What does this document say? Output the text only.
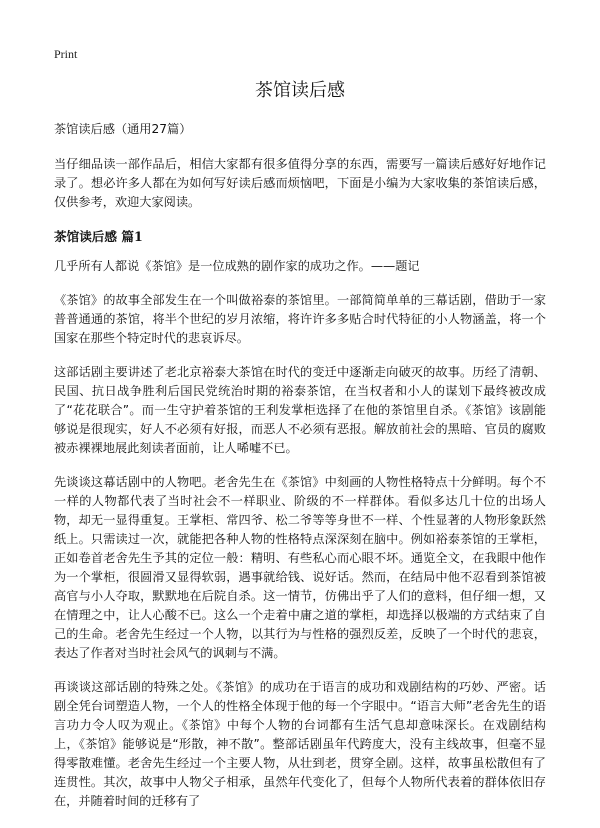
Print
茶馆读后感

茶馆读后感（通用27篇）

当仔细品读一部作品后，相信大家都有很多值得分享的东西，需要写一篇读后感好好地作记录了。想必许多人都在为如何写好读后感而烦恼吧，下面是小编为大家收集的茶馆读后感，仅供参考，欢迎大家阅读。

茶馆读后感 篇1

几乎所有人都说《茶馆》是一位成熟的剧作家的成功之作。——题记

《茶馆》的故事全部发生在一个叫做裕泰的茶馆里。一部简简单单的三幕话剧，借助于一家普普通通的茶馆，将半个世纪的岁月浓缩，将许许多多贴合时代特征的小人物涵盖，将一个国家在那些个特定时代的悲哀诉尽。

这部话剧主要讲述了老北京裕泰大茶馆在时代的变迁中逐渐走向破灭的故事。历经了清朝、民国、抗日战争胜利后国民党统治时期的裕泰茶馆，在当权者和小人的谋划下最终被改成了“花花联合”。而一生守护着茶馆的王利发掌柜选择了在他的茶馆里自杀。《茶馆》该剧能够说是很现实，好人不必须有好报，而恶人不必须有恶报。解放前社会的黑暗、官员的腐败被赤裸裸地展此刻读者面前，让人唏嘘不已。

先谈谈这幕话剧中的人物吧。老舍先生在《茶馆》中刻画的人物性格特点十分鲜明。每个不一样的人物都代表了当时社会不一样职业、阶级的不一样群体。看似多达几十位的出场人物，却无一显得重复。王掌柜、常四爷、松二爷等等身世不一样、个性显著的人物形象跃然纸上。只需读过一次，就能把各种人物的性格特点深深刻在脑中。例如裕泰茶馆的王掌柜，正如卷首老舍先生予其的定位一般：精明、有些私心而心眼不坏。通览全文，在我眼中他作为一个掌柜，很圆滑又显得软弱，遇事就给钱、说好话。然而，在结局中他不忍看到茶馆被高官与小人夺取，默默地在后院自杀。这一情节，仿佛出乎了人们的意料，但仔细一想，又在情理之中，让人心酸不已。这么一个走着中庸之道的掌柜，却选择以极端的方式结束了自己的生命。老舍先生经过一个人物，以其行为与性格的强烈反差，反映了一个时代的悲哀，表达了作者对当时社会风气的讽刺与不满。

再谈谈这部话剧的特殊之处。《茶馆》的成功在于语言的成功和戏剧结构的巧妙、严密。话剧全凭台词塑造人物，一个人的性格全体现于他的每一个字眼中。“语言大师”老舍先生的语言功力令人叹为观止。《茶馆》中每个人物的台词都有生活气息却意味深长。在戏剧结构上，《茶馆》能够说是“形散，神不散”。整部话剧虽年代跨度大，没有主线故事，但毫不显得零散难懂。老舍先生经过一个主要人物，从壮到老，贯穿全剧。这样，故事虽松散但有了连贯性。其次，故事中人物父子相承，虽然年代变化了，但每个人物所代表着的群体依旧存在，并随着时间的迁移有了
